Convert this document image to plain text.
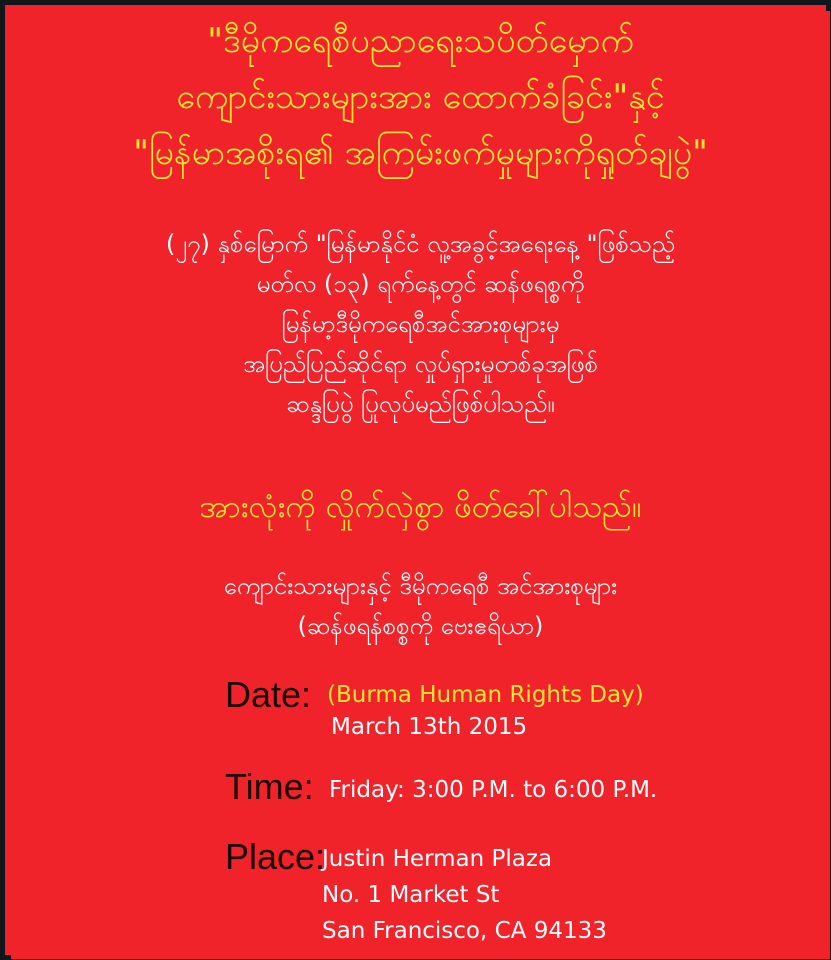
"ဒီမိုကရေစီပညာရေးသပိတ်မှောက်
ကျောင်းသားများအား ထောက်ခံခြင်း"နှင့်
"မြန်မာအစိုးရ၏ အကြမ်းဖက်မှုများကိုရှုတ်ချပွဲ"
(၂၇) နှစ်မြောက် "မြန်မာနိုင်ငံ လူ့အခွင့်အရေးနေ့ "ဖြစ်သည့်
မတ်လ (၁၃) ရက်နေ့တွင် ဆန်ဖရစ္စကို
မြန်မာ့ဒီမိုကရေစီအင်အားစုများမှ
အပြည်ပြည်ဆိုင်ရာ လှုပ်ရှားမှုတစ်ခုအဖြစ်
ဆန္ဒပြပွဲ ပြုလုပ်မည်ဖြစ်ပါသည်။
အားလုံးကို လှိုက်လှဲစွာ ဖိတ်ခေါ်ပါသည်။
ကျောင်းသားများနှင့် ဒီမိုကရေစီ အင်အားစုများ
(ဆန်ဖရန်စစ္စကို ဗေးဧရိယာ)
Date: (Burma Human Rights Day)
March 13th 2015
Time: Friday: 3:00 P.M. to 6:00 P.M.
Place:
Justin Herman Plaza
No. 1 Market St
San Francisco, CA 94133
